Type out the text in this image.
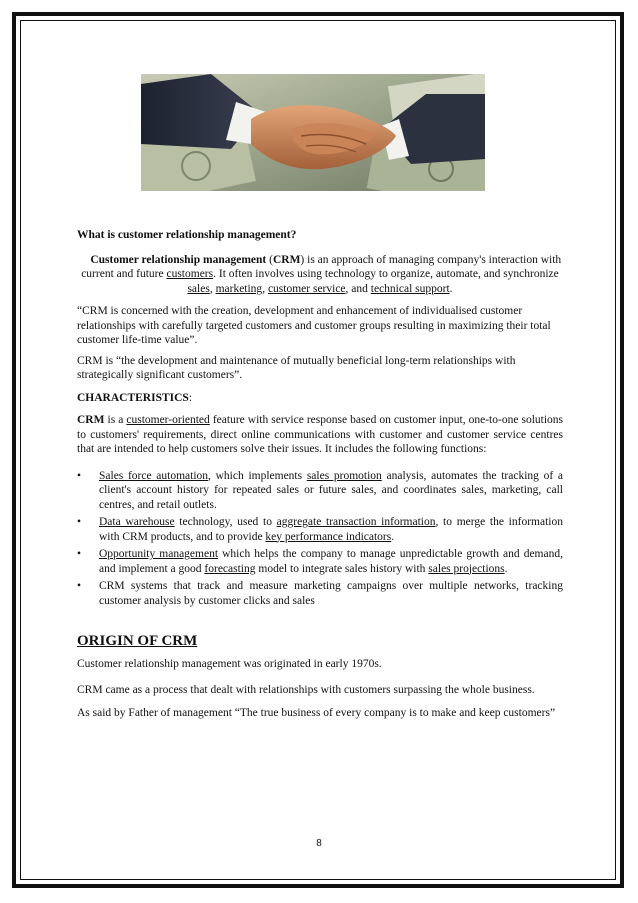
What is customer relationship management?

Customer relationship management (CRM) is an approach of managing company's interaction with current and future customers. It often involves using technology to organize, automate, and synchronize sales, marketing, customer service, and technical support.

“CRM is concerned with the creation, development and enhancement of individualised customer relationships with carefully targeted customers and customer groups resulting in maximizing their total customer life-time value”.

CRM is “the development and maintenance of mutually beneficial long-term relationships with strategically significant customers”.

CHARACTERISTICS:

CRM is a customer-oriented feature with service response based on customer input, one-to-one solutions to customers' requirements, direct online communications with customer and customer service centres that are intended to help customers solve their issues. It includes the following functions:

•	Sales force automation, which implements sales promotion analysis, automates the tracking of a client's account history for repeated sales or future sales, and coordinates sales, marketing, call centres, and retail outlets.
•	Data warehouse technology, used to aggregate transaction information, to merge the information with CRM products, and to provide key performance indicators.
•	Opportunity management which helps the company to manage unpredictable growth and demand, and implement a good forecasting model to integrate sales history with sales projections.
•	CRM systems that track and measure marketing campaigns over multiple networks, tracking customer analysis by customer clicks and sales

ORIGIN OF CRM

Customer relationship management was originated in early 1970s.

CRM came as a process that dealt with relationships with customers surpassing the whole business.

As said by Father of management “The true business of every company is to make and keep customers”

8
